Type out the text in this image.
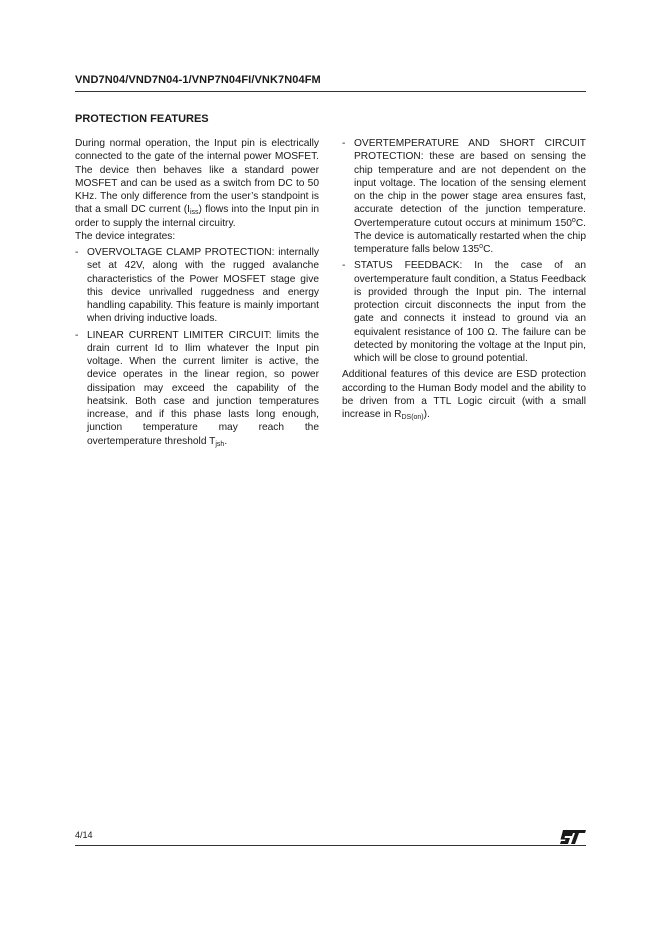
VND7N04/VND7N04-1/VNP7N04FI/VNK7N04FM
PROTECTION FEATURES

During normal operation, the Input pin is electrically connected to the gate of the internal power MOSFET. The device then behaves like a standard power MOSFET and can be used as a switch from DC to 50 KHz. The only difference from the user’s standpoint is that a small DC current $(I_{iss})$ flows into the Input pin in order to supply the internal circuitry.

The device integrates:

- OVERVOLTAGE CLAMP PROTECTION: internally set at 42V, along with the rugged avalanche characteristics of the Power MOSFET stage give this device unrivalled ruggedness and energy handling capability. This feature is mainly important when driving inductive loads.
- LINEAR CURRENT LIMITER CIRCUIT: limits the drain current Id to Ilim whatever the Input pin voltage. When the current limiter is active, the device operates in the linear region, so power dissipation may exceed the capability of the heatsink. Both case and junction temperatures increase, and if this phase lasts long enough, junction temperature may reach the overtemperature threshold $T_{jsh}$.
- OVERTEMPERATURE AND SHORT CIRCUIT PROTECTION: these are based on sensing the chip temperature and are not dependent on the input voltage. The location of the sensing element on the chip in the power stage area ensures fast, accurate detection of the junction temperature. Overtemperature cutout occurs at minimum 150$^o$C. The device is automatically restarted when the chip temperature falls below 135$^o$C.
- STATUS FEEDBACK: In the case of an overtemperature fault condition, a Status Feedback is provided through the Input pin. The internal protection circuit disconnects the input from the gate and connects it instead to ground via an equivalent resistance of 100 Ω. The failure can be detected by monitoring the voltage at the Input pin, which will be close to ground potential.

Additional features of this device are ESD protection according to the Human Body model and the ability to be driven from a TTL Logic circuit (with a small increase in $R_{DS(on)}$).

4/14
